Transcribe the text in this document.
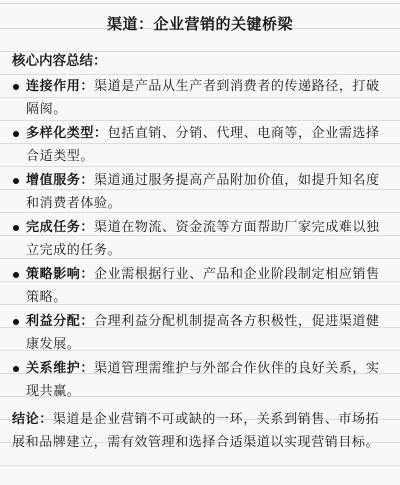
渠道：企业营销的关键桥梁
核心内容总结：
连接作用：渠道是产品从生产者到消费者的传递路径，打破隔阂。
多样化类型：包括直销、分销、代理、电商等，企业需选择合适类型。
增值服务：渠道通过服务提高产品附加价值，如提升知名度和消费者体验。
完成任务：渠道在物流、资金流等方面帮助厂家完成难以独立完成的任务。
策略影响：企业需根据行业、产品和企业阶段制定相应销售策略。
利益分配：合理利益分配机制提高各方积极性，促进渠道健康发展。
关系维护：渠道管理需维护与外部合作伙伴的良好关系，实现共赢。
结论：渠道是企业营销不可或缺的一环，关系到销售、市场拓展和品牌建立，需有效管理和选择合适渠道以实现营销目标。
